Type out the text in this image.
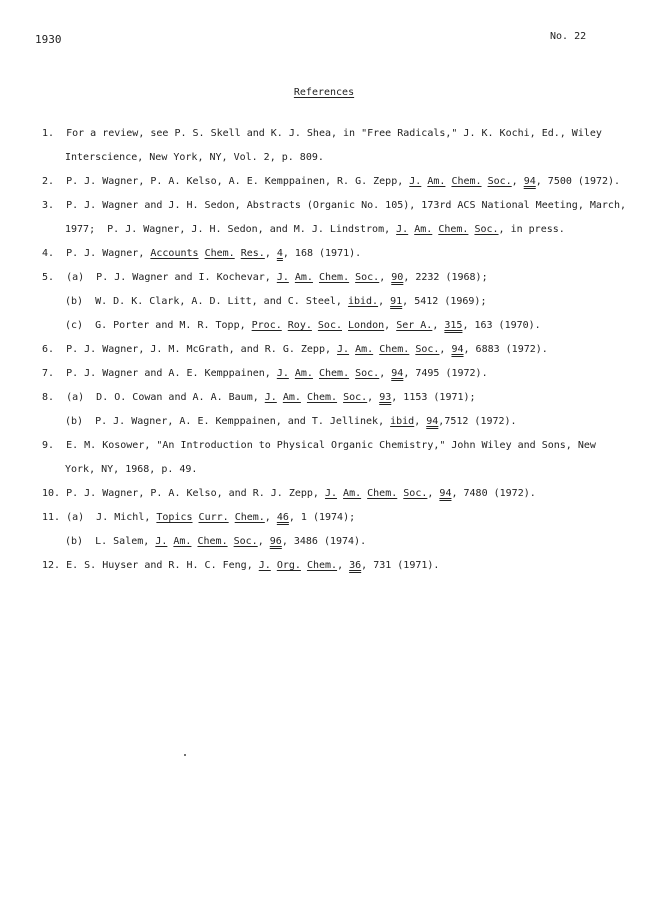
1930	No. 22
References
1.  For a review, see P. S. Skell and K. J. Shea, in "Free Radicals," J. K. Kochi, Ed., Wiley
Interscience, New York, NY, Vol. 2, p. 809.
2.  P. J. Wagner, P. A. Kelso, A. E. Kemppainen, R. G. Zepp, J. Am. Chem. Soc., 94, 7500 (1972).
3.  P. J. Wagner and J. H. Sedon, Abstracts (Organic No. 105), 173rd ACS National Meeting, March,
1977;  P. J. Wagner, J. H. Sedon, and M. J. Lindstrom, J. Am. Chem. Soc., in press.
4.  P. J. Wagner, Accounts Chem. Res., 4, 168 (1971).
5.  (a)  P. J. Wagner and I. Kochevar, J. Am. Chem. Soc., 90, 2232 (1968);
(b)  W. D. K. Clark, A. D. Litt, and C. Steel, ibid., 91, 5412 (1969);
(c)  G. Porter and M. R. Topp, Proc. Roy. Soc. London, Ser A., 315, 163 (1970).
6.  P. J. Wagner, J. M. McGrath, and R. G. Zepp, J. Am. Chem. Soc., 94, 6883 (1972).
7.  P. J. Wagner and A. E. Kemppainen, J. Am. Chem. Soc., 94, 7495 (1972).
8.  (a)  D. O. Cowan and A. A. Baum, J. Am. Chem. Soc., 93, 1153 (1971);
(b)  P. J. Wagner, A. E. Kemppainen, and T. Jellinek, ibid, 94,7512 (1972).
9.  E. M. Kosower, "An Introduction to Physical Organic Chemistry," John Wiley and Sons, New
York, NY, 1968, p. 49.
10. P. J. Wagner, P. A. Kelso, and R. J. Zepp, J. Am. Chem. Soc., 94, 7480 (1972).
11. (a)  J. Michl, Topics Curr. Chem., 46, 1 (1974);
(b)  L. Salem, J. Am. Chem. Soc., 96, 3486 (1974).
12. E. S. Huyser and R. H. C. Feng, J. Org. Chem., 36, 731 (1971).
